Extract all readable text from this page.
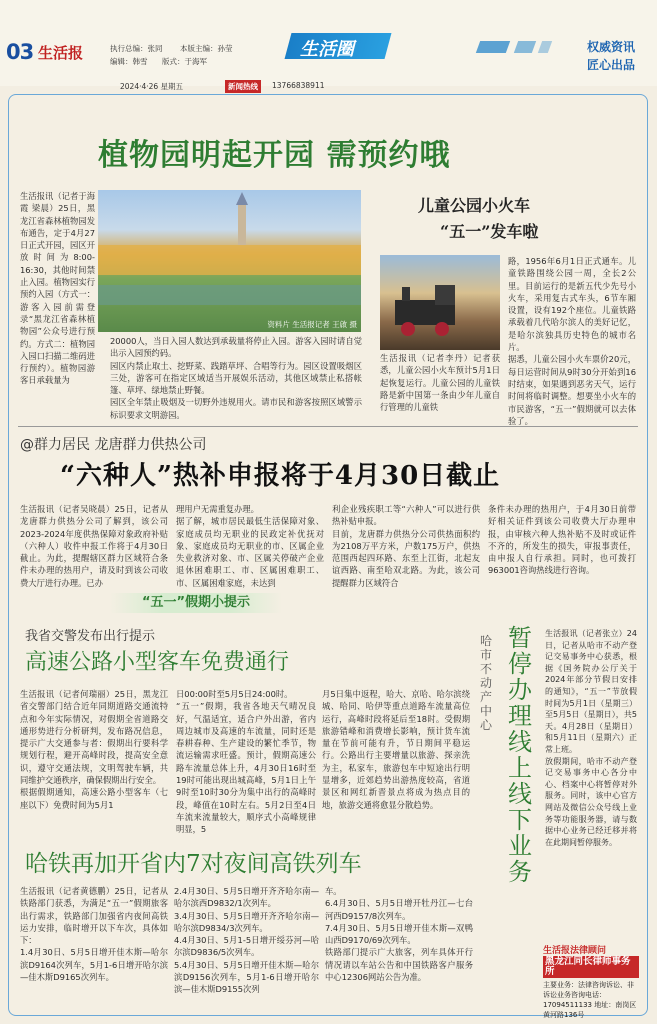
03 生活报	执行总编：张同 本版主编：孙莹
编辑：韩雪 版式：于海军
生活圈	权威资讯
匠心出品
2024·4·26 星期五	新闻热线	13766838911
植物园明起开园 需预约哦
资料片 生活报记者 王啟 摄
生活报讯（记者于海霞 梁晨）25日，黑龙江省森林植物园发布通告，定于4月27日正式开园，园区开放时间为8:00-16:30，其他时间禁止入园。植物园实行预约入园（方式一：游客入园前需登录“黑龙江省森林植物园”公众号进行预约。方式二：植物园入园口扫描二维码进行预约）。植物园游客日承载量为
20000人，当日入园人数达到承载量将停止入园。游客入园时请自觉出示入园预约码。
园区内禁止取土、挖野菜、践踏草坪、合唱等行为。园区设置吸烟区三处，游客可在指定区域适当开展娱乐活动，其他区域禁止私搭帐篷、草坪、绿地禁止野餐。
园区全年禁止吸烟及一切野外违规用火。请市民和游客按照区域警示标识要求文明游园。
儿童公园小火车
“五一”发车啦
生活报讯（记者李丹）记者获悉，儿童公园小火车预计5月1日起恢复运行。儿童公园的儿童铁路是新中国第一条由少年儿童自行管理的儿童铁
路，1956年6月1日正式通车。儿童铁路围绕公园一周，全长2公里。目前运行的是新五代少先号小火车，采用复古式车头，6节车厢设置，设有192个座位。儿童铁路承载着几代哈尔滨人的美好记忆，是哈尔滨独具历史特色的城市名片。
据悉，儿童公园小火车票价20元，每日运营时间从9时30分开始到16时结束，如果遇到恶劣天气，运行时间将临时调整。想要坐小火车的市民游客，“五一”假期就可以去体验了。
@群力居民 龙唐群力供热公司
“六种人”热补申报将于4月30日截止
生活报讯（记者吴晓晨）25日，记者从龙唐群力供热分公司了解到，该公司2023-2024年度供热保障对象政府补贴（六种人）收件申报工作将于4月30日截止。为此，提醒辖区群力区域符合条件未办理的热用户，请及时到该公司收费大厅进行办理。已办
理用户无需重复办理。
据了解，城市居民最低生活保障对象、家庭成员均无职业的民政定补优抚对象、家庭成员均无职业的市、区属企业失业救济对象、市、区属关停破产企业退休困难职工、市、区属困难职工、市、区属困难家庭，未达到
利企业残疾职工等“六种人”可以进行供热补贴申报。
目前，龙唐群力供热分公司供热面积约为2108万平方米，户数175万户，供热范围西起四环路、东至上江街，北起友谊西路、南至哈双北路。为此，该公司提醒群力区域符合
条件未办理的热用户，于4月30日前带好相关证件到该公司收费大厅办理申报，由审核六种人热补贴不及时或证件不齐的，所发生的损失，审报事责任，由申报人自行承担。同时，也可拨打963001咨询热线进行咨询。
“五一”假期小提示
我省交警发布出行提示
高速公路小型客车免费通行
生活报讯（记者何瑞丽）25日，黑龙江省交警部门结合近年同期道路交通流特点和今年实际情况，对假期全省道路交通形势进行分析研判，发布路况信息，提示广大交通参与者：假期出行要科学规划行程，避开高峰时段，提高安全意识，遵守交通法规，文明驾驶车辆，共同维护交通秩序，确保假期出行安全。
根据假期通知，高速公路小型客车（七座以下）免费时间为5月1
日00:00时至5月5日24:00时。
“五一”假期，我省各地天气晴况良好，气温适宜，适合户外出游，省内周边城市及高速的车流量，同时还是春耕春种、生产建设的繁忙季节，物流运输需求旺盛。预计，假期高速公路车流量总体上升，4月30日16时至19时可能出现出城高峰，5月1日上午9时至10时30分为集中出行的高峰时段，峰值在10时左右。5月2日至4日车流来流量较大，顺序式小高峰规律明显，5
月5日集中返程，哈大、京哈、哈尔滨绕城、哈同、哈伊等重点道路车流量高位运行，高峰时段将延后至18时。受假期旅游错峰和消费增长影响，预计货车流量在节前可能有升，节日期间平稳运行。公路出行主要增量以旅游、探亲洗为主，私家车，旅游包车中短途出行明显增多，近郊趋势出游热度较高，省道景区和网红新晋景点将成为热点目的地，旅游交通将愈显分散趋势。
哈市不动产中心
暂停办理线上线下业务
生活报讯（记者张立）24日，记者从哈市不动产登记交易事务中心获悉，根据《国务院办公厅关于2024年部分节假日安排的通知》，“五一”节放假时间为5月1日（星期三）至5月5日（星期日），共5天。4月28日（星期日）和5月11日（星期六）正常上班。
放假期间，哈市不动产登记交易事务中心各分中心、档案中心将暂停对外服务。同时，该中心官方网站及微信公众号线上业务等功能服务器，请与数据中心业务已经迁移并将在此期间暂停服务。
哈铁再加开省内7对夜间高铁列车
生活报讯（记者黄德鹏）25日，记者从铁路部门获悉，为满足“五一”假期旅客出行需求，铁路部门加强省内夜间高铁运力安排，临时增开以下车次，具体如下：
1.4月30日、5月5日增开佳木斯—哈尔滨D9164次列车，5月1-6日增开哈尔滨—佳木斯D9165次列车。
2.4月30日、5月5日增开齐齐哈尔南—哈尔滨西D9832/1次列车。
3.4月30日、5月5日增开齐齐哈尔南—哈尔滨D9834/3次列车。
4.4月30日、5月1-5日增开绥芬河—哈尔滨D9836/5次列车。
5.4月30日、5月5日增开佳木斯—哈尔滨D9156次列车，5月1-6日增开哈尔滨—佳木斯D9155次列
车。
6.4月30日、5月5日增开牡丹江—七台河西D9157/8次列车。
7.4月30日、5月5日增开佳木斯—双鸭山西D9170/69次列车。
铁路部门提示广大旅客，列车具体开行情况请以车站公告和中国铁路客户服务中心12306网站公告为准。
生活报法律顾问
黑龙江同长律师事务所
主要业务：法律咨询诉讼、非诉讼业务咨询电话：17094511133 地址：南岗区黄河路136号
